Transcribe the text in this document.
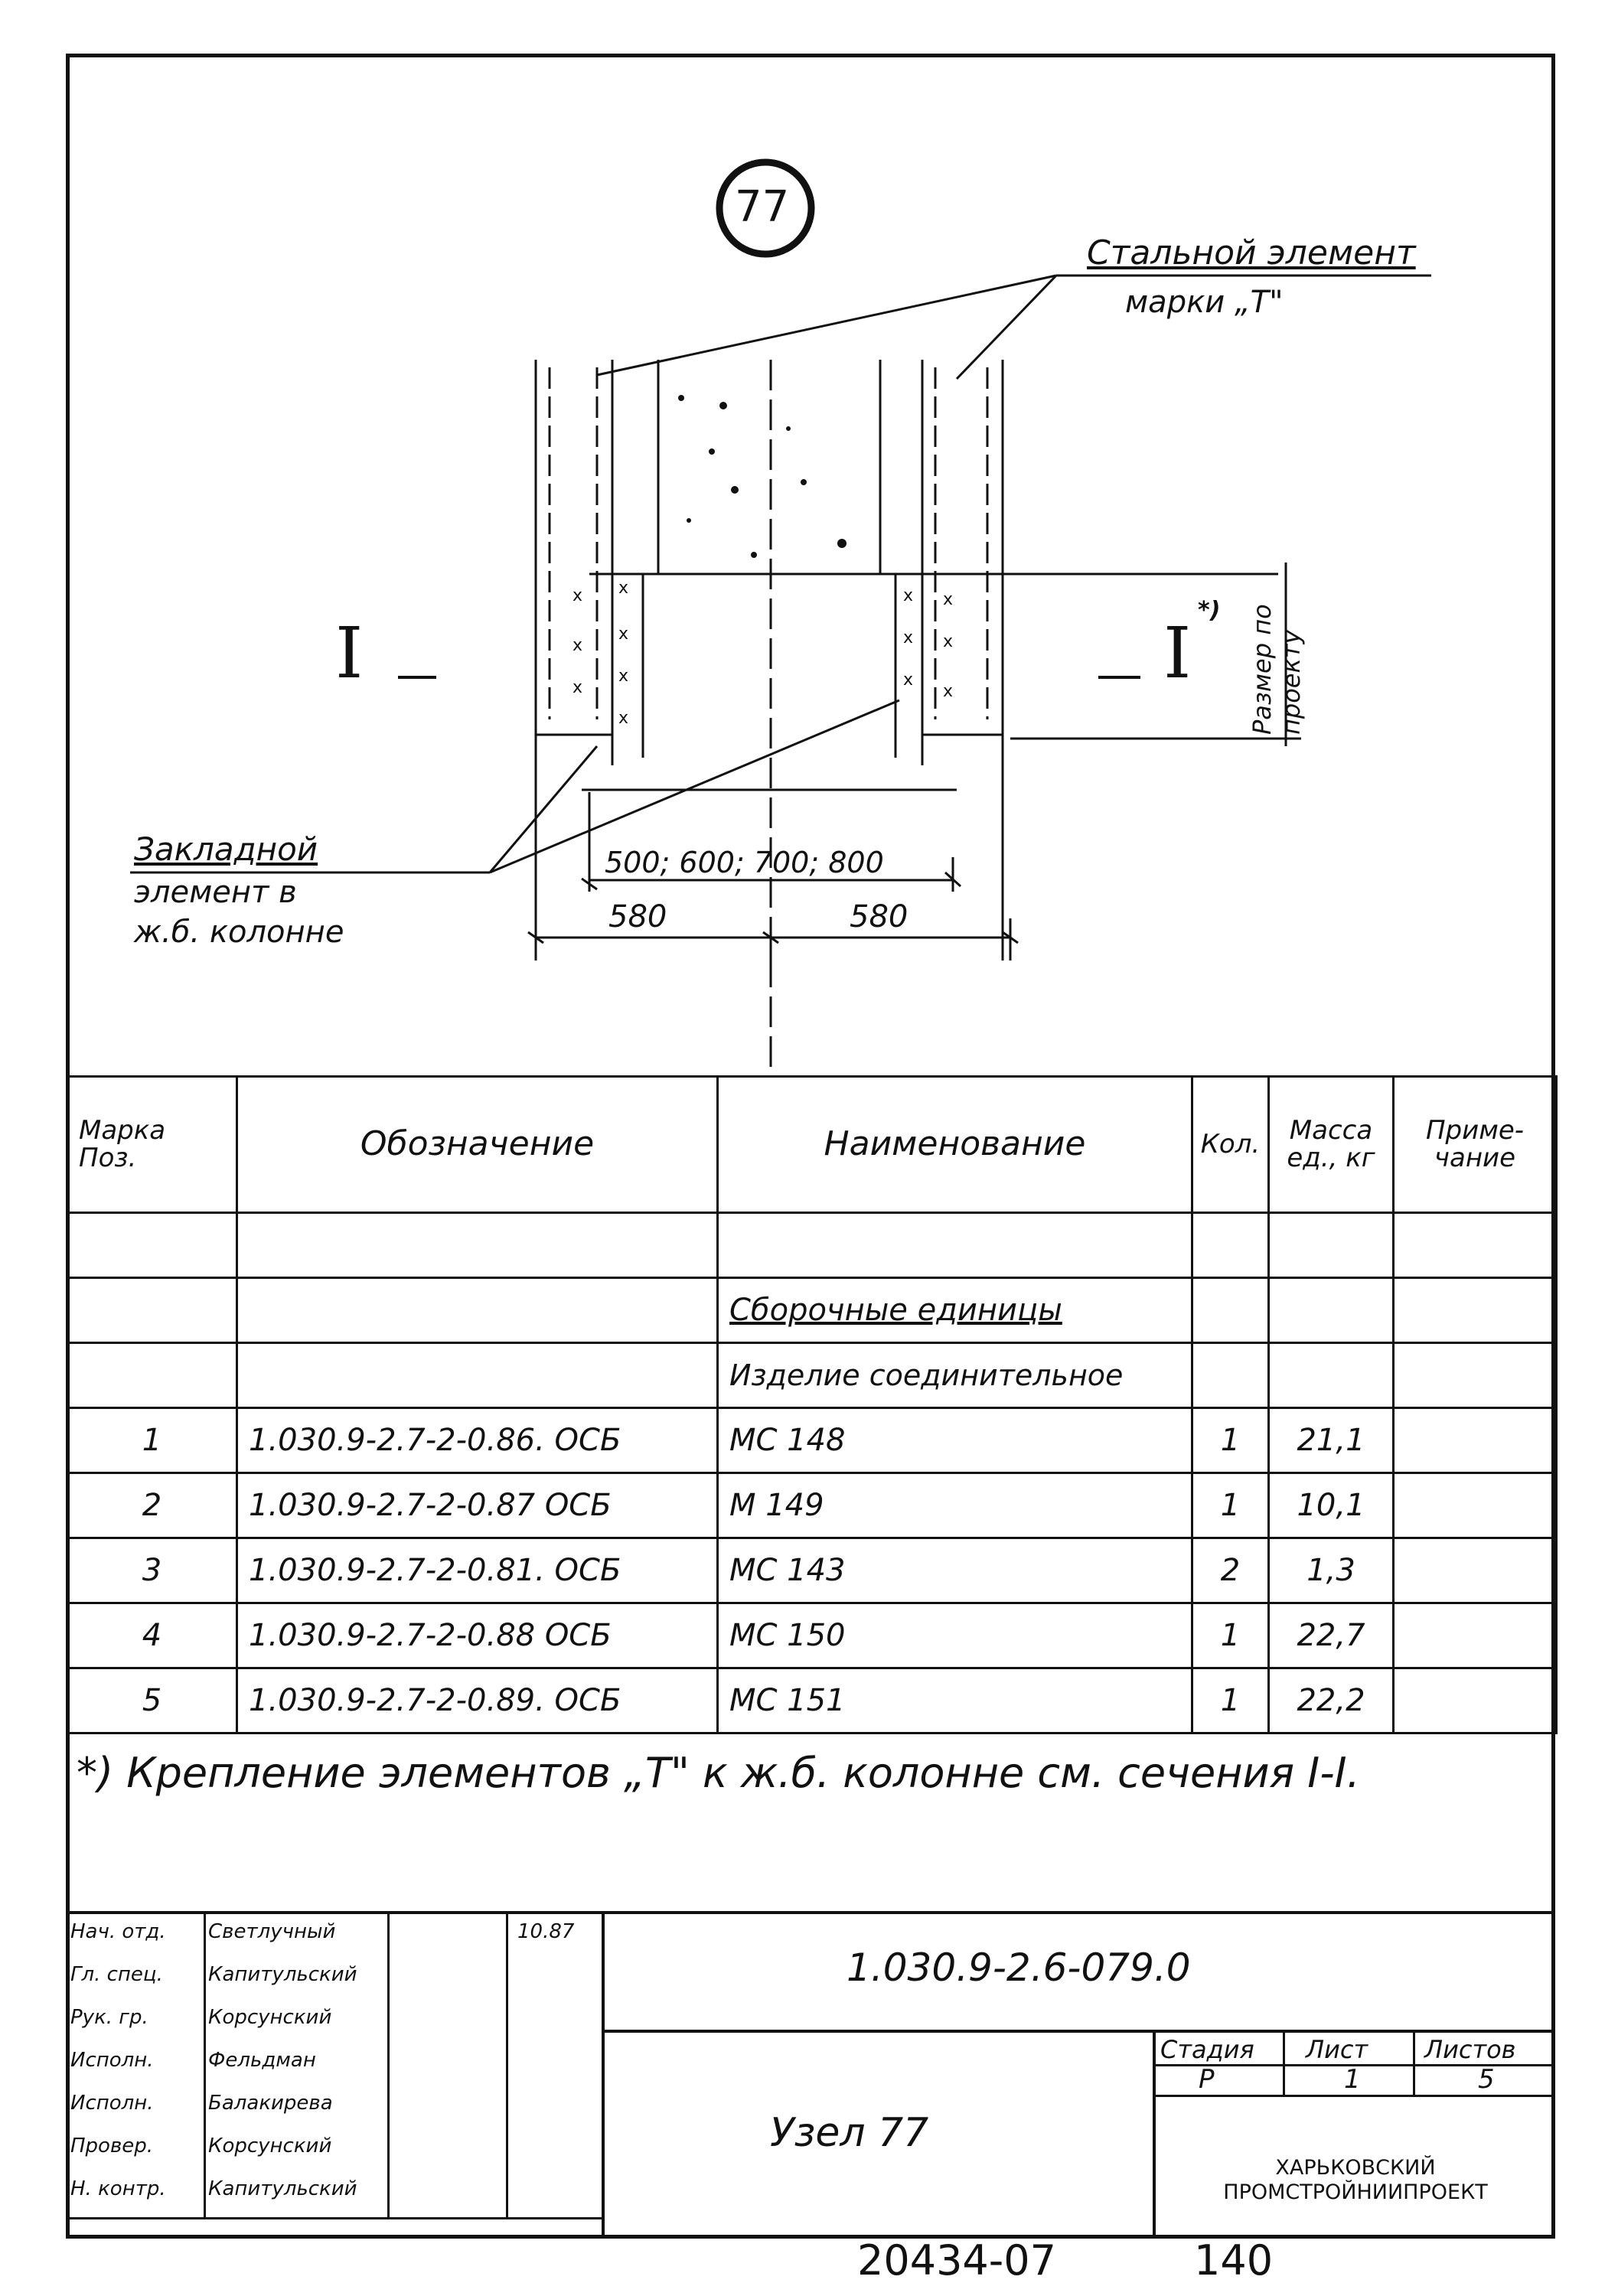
x x
x
x
x
x
x
x x
x x
x
x
77
Стальной элемент
марки „Т"
I	I
*) Размер по проекту
Закладной
элемент в
ж.б. колонне
500; 600; 700; 800
580	580
Марка Поз.	Обозначение	Наименование	Кол.	Масса ед., кг	Приме- чание

		Сборочные единицы			
		Изделие соединительное			
1	1.030.9-2.7-2-0.86. ОСБ	МС 148	1	21,1	
2	1.030.9-2.7-2-0.87 ОСБ	М 149	1	10,1	
3	1.030.9-2.7-2-0.81. ОСБ	МС 143	2	1,3	
4	1.030.9-2.7-2-0.88 ОСБ	МС 150	1	22,7	
5	1.030.9-2.7-2-0.89. ОСБ	МС 151	1	22,2	
*) Крепление элементов „Т" к ж.б. колонне см. сечения I-I.
Нач. отд. Светлучный	10.87
Гл. спец. Капитульский
Рук. гр.	Корсунский
Исполн.	Фельдман
Исполн.	Балакирева
Провер.	Корсунский
Н. контр. Капитульский
1.030.9-2.6-079.0
Узел 77
Стадия Лист Листов
Р	1	5
ХАРЬКОВСКИЙ ПРОМСТРОЙНИИПРОЕКТ
20434-07	140
